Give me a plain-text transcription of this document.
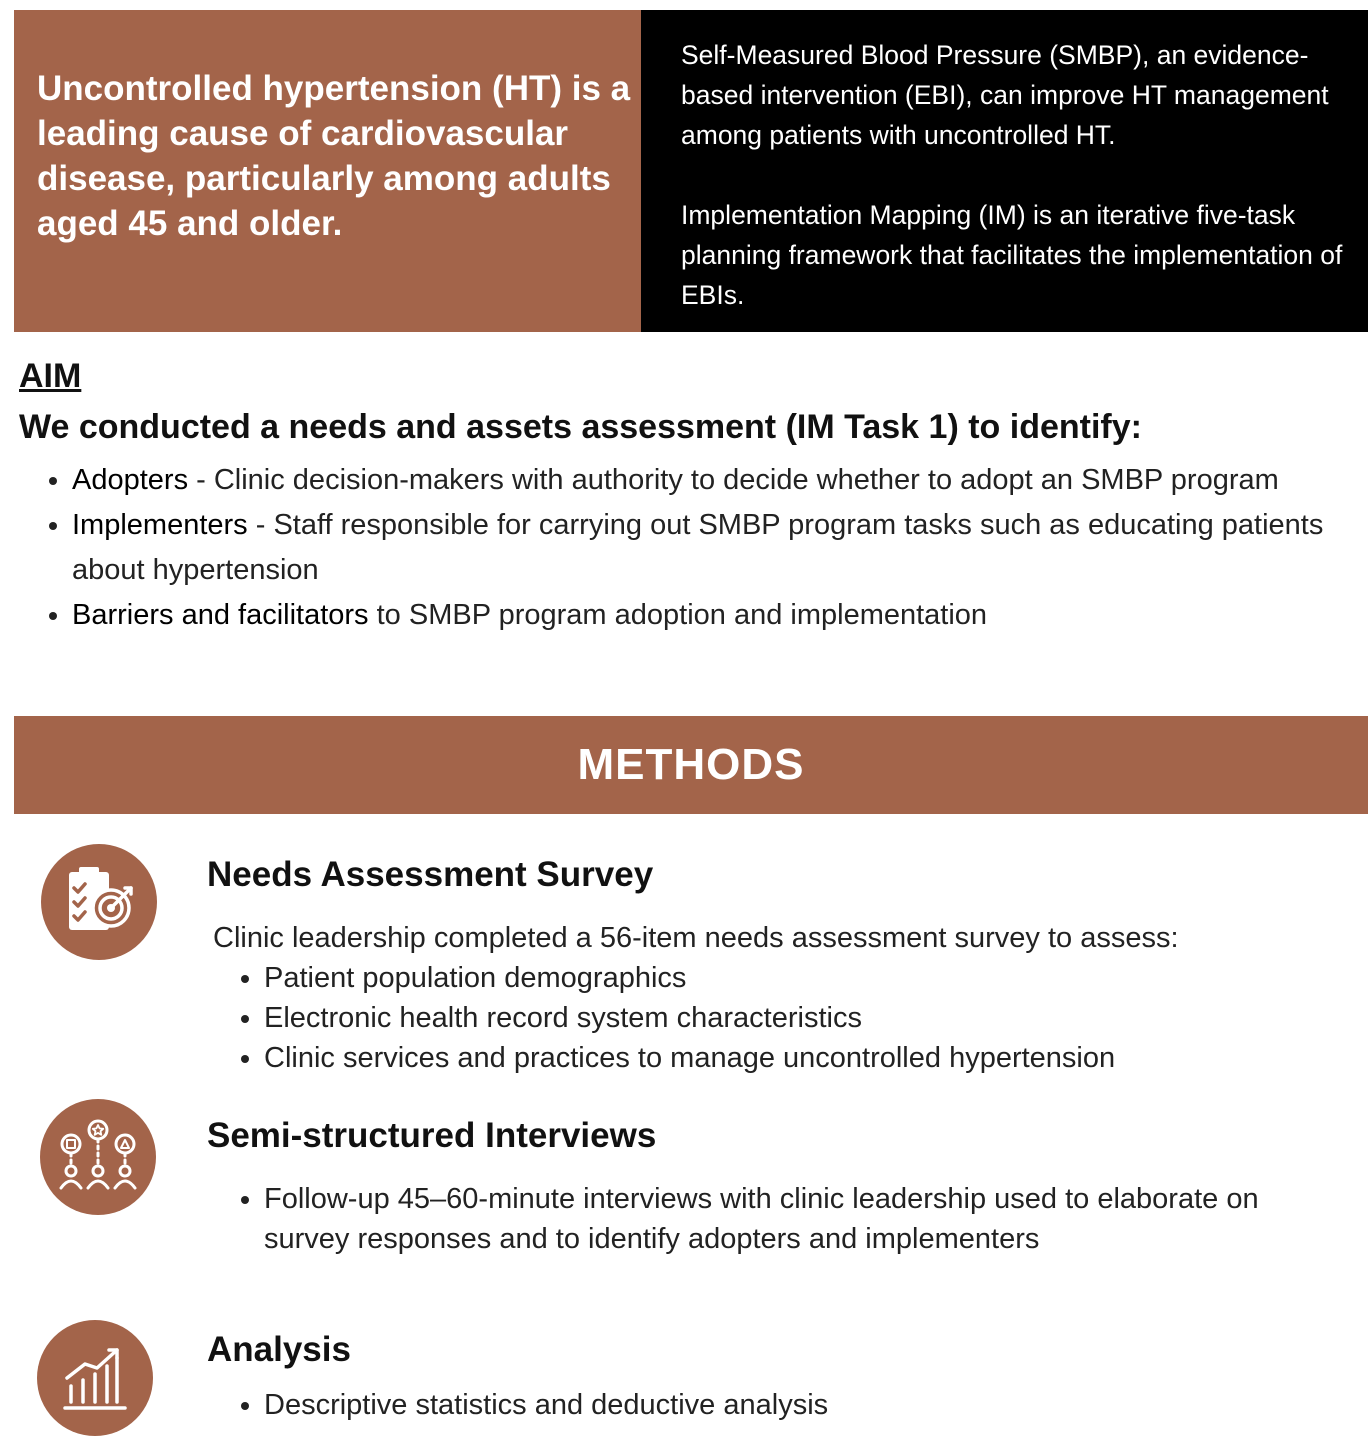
Uncontrolled hypertension (HT) is a leading cause of cardiovascular disease, particularly among adults aged 45 and older.

Self-Measured Blood Pressure (SMBP), an evidence-based intervention (EBI), can improve HT management among patients with uncontrolled HT.

Implementation Mapping (IM) is an iterative five-task planning framework that facilitates the implementation of EBIs.

AIM

We conducted a needs and assets assessment (IM Task 1) to identify:

• Adopters - Clinic decision-makers with authority to decide whether to adopt an SMBP program
• Implementers - Staff responsible for carrying out SMBP program tasks such as educating patients about hypertension
• Barriers and facilitators to SMBP program adoption and implementation
METHODS
Needs Assessment Survey
Clinic leadership completed a 56-item needs assessment survey to assess:
• Patient population demographics
• Electronic health record system characteristics
• Clinic services and practices to manage uncontrolled hypertension
Semi-structured Interviews
• Follow-up 45–60-minute interviews with clinic leadership used to elaborate on survey responses and to identify adopters and implementers
Analysis
• Descriptive statistics and deductive analysis
